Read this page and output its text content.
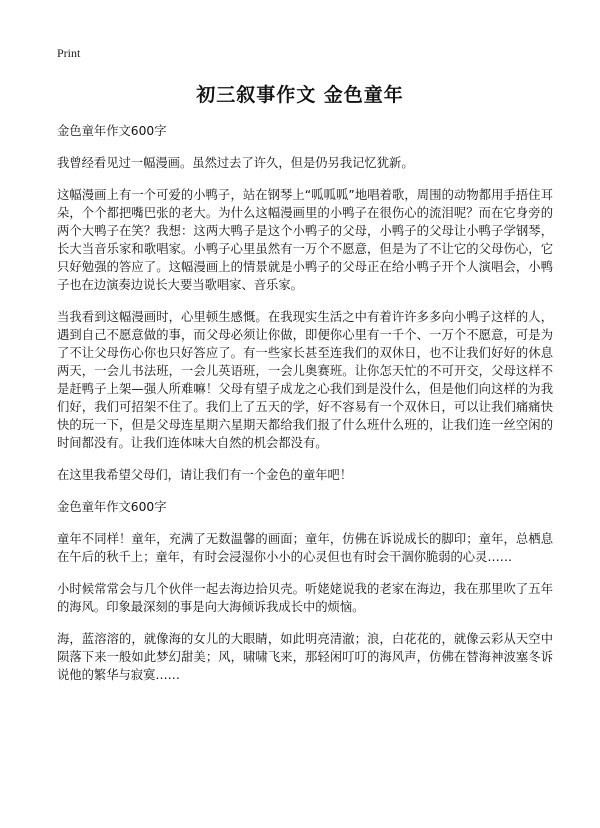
Print
初三叙事作文 金色童年

金色童年作文600字

我曾经看见过一幅漫画。虽然过去了许久，但是仍另我记忆犹新。

这幅漫画上有一个可爱的小鸭子，站在钢琴上“呱呱呱”地唱着歌，周围的动物都用手捂住耳朵，个个都把嘴巴张的老大。为什么这幅漫画里的小鸭子在很伤心的流泪呢？而在它身旁的两个大鸭子在笑？我想：这两大鸭子是这个小鸭子的父母，小鸭子的父母让小鸭子学钢琴，长大当音乐家和歌唱家。小鸭子心里虽然有一万个不愿意，但是为了不让它的父母伤心，它只好勉强的答应了。这幅漫画上的情景就是小鸭子的父母正在给小鸭子开个人演唱会，小鸭子也在边演奏边说长大要当歌唱家、音乐家。

当我看到这幅漫画时，心里顿生感慨。在我现实生活之中有着许许多多向小鸭子这样的人，遇到自己不愿意做的事，而父母必须让你做，即便你心里有一千个、一万个不愿意，可是为了不让父母伤心你也只好答应了。有一些家长甚至连我们的双休日，也不让我们好好的休息两天，一会儿书法班，一会儿英语班，一会儿奥赛班。让你怎天忙的不可开交，父母这样不是赶鸭子上架—强人所难嘛！父母有望子成龙之心我们到是没什么，但是他们向这样的为我们好，我们可招架不住了。我们上了五天的学，好不容易有一个双休日，可以让我们痛痛快快的玩一下，但是父母连星期六星期天都给我们报了什么班什么班的，让我们连一丝空闲的时间都没有。让我们连体味大自然的机会都没有。

在这里我希望父母们，请让我们有一个金色的童年吧！

金色童年作文600字

童年不同样！童年，充满了无数温馨的画面；童年，仿佛在诉说成长的脚印；童年，总栖息在午后的秋千上；童年，有时会浸湿你小小的心灵但也有时会干涸你脆弱的心灵……

小时候常常会与几个伙伴一起去海边拾贝壳。听姥姥说我的老家在海边，我在那里吹了五年的海风。印象最深刻的事是向大海倾诉我成长中的烦恼。

海，蓝溶溶的，就像海的女儿的大眼睛，如此明亮清澈；浪，白花花的，就像云彩从天空中陨落下来一般如此梦幻甜美；风，啸啸飞来，那轻闲叮叮的海风声，仿佛在替海神波塞冬诉说他的繁华与寂寞……
